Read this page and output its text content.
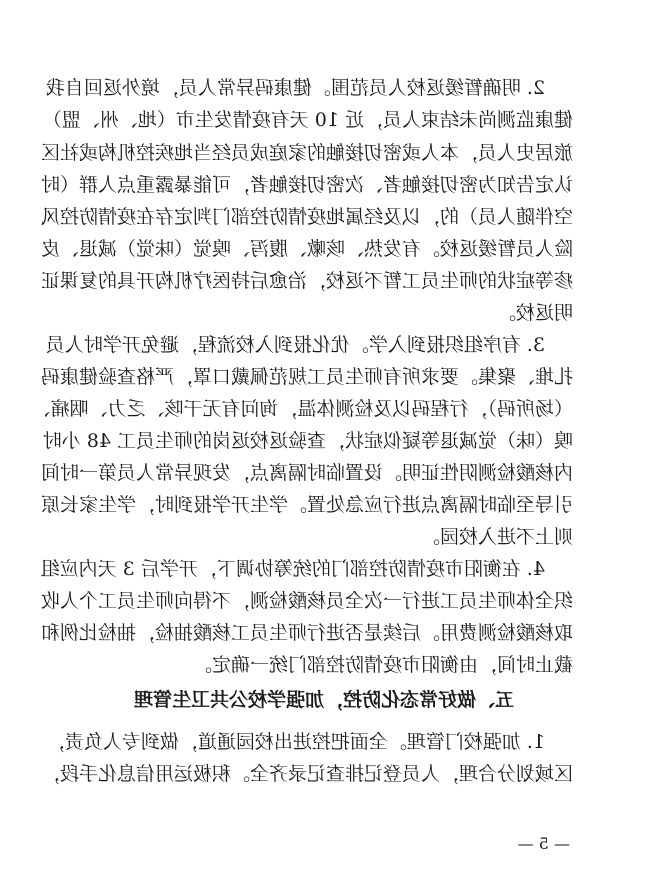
2. 明确暂缓返校人员范围。健康码异常人员，境外返回自我
健康监测尚未结束人员，近 10 天有疫情发生市（地、州、盟）
旅居史人员，本人或密切接触的家庭成员经当地疾控机构或社区
认定告知为密切接触者、次密切接触者，可能暴露重点人群（时
空伴随人员）的，以及经属地疫情防控部门判定存在疫情防控风
险人员暂缓返校。有发热、咳嗽、腹泻、嗅觉（味觉）减退、皮
疹等症状的师生员工暂不返校，治愈后持医疗机构开具的复课证
明返校。
3. 有序组织报到入学。优化报到入校流程，避免开学时人员
扎堆、聚集。要求所有师生员工规范佩戴口罩，严格查验健康码
（场所码），行程码以及检测体温，询问有无干咳、乏力、咽痛、
嗅（味）觉减退等疑似症状，查验返校返岗的师生员工 48 小时
内核酸检测阴性证明。设置临时隔离点，发现异常人员第一时间
引导至临时隔离点进行应急处置。学生开学报到时，学生家长原
则上不进入校园。
4. 在衡阳市疫情防控部门的统筹协调下，开学后 3 天内应组
织全体师生员工进行一次全员核酸检测，不得向师生员工个人收
取核酸检测费用。后续是否进行师生员工核酸抽检，抽检比例和
截止时间，由衡阳市疫情防控部门统一确定。
五、做好常态化防控，加强学校公共卫生管理
1. 加强校门管理。全面把控进出校园通道，做到专人负责，
区域划分合理，人员登记排查记录齐全。积极运用信息化手段，
— 5 —
